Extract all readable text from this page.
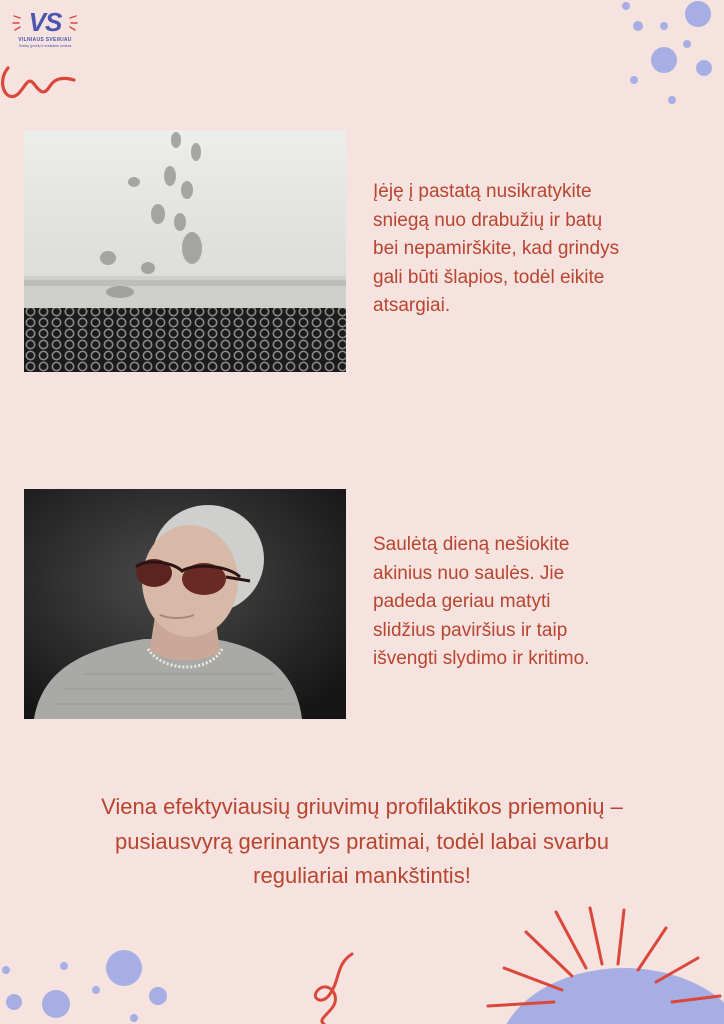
VS
VILNIAUS SVEIKIAU
Sveikų įpročių ir sveikatos centras
Įėję į pastatą nusikratykite
sniegą nuo drabužių ir batų
bei nepamirškite, kad grindys
gali būti šlapios, todėl eikite
atsargiai.
Saulėtą dieną nešiokite
akinius nuo saulės. Jie
padeda geriau matyti
slidžius paviršius ir taip
išvengti slydimo ir kritimo.
Viena efektyviausių griuvimų profilaktikos priemonių –
pusiausvyrą gerinantys pratimai, todėl labai svarbu
reguliariai mankštintis!
